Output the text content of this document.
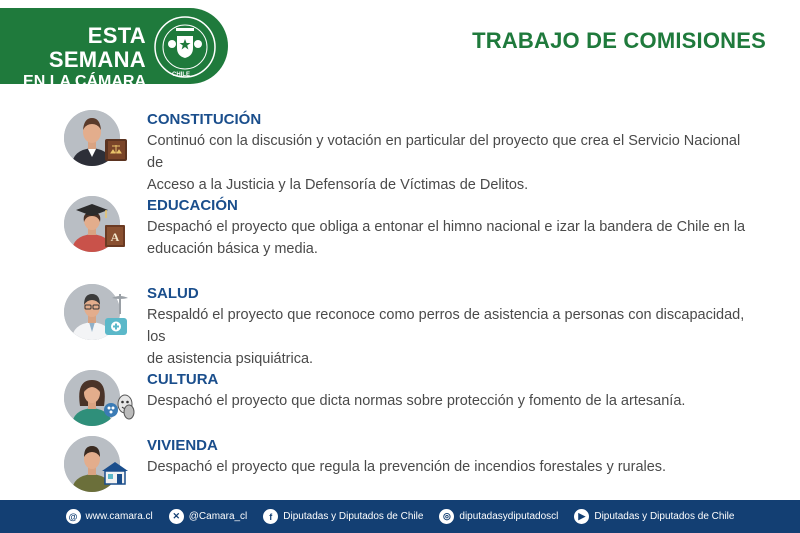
ESTA SEMANA
EN LA CÁMARA	CHILE
TRABAJO DE COMISIONES
CONSTITUCIÓN
Continuó con la discusión y votación en particular del proyecto que crea el Servicio Nacional de
Acceso a la Justicia y la Defensoría de Víctimas de Delitos.
A
EDUCACIÓN
Despachó el proyecto que obliga a entonar el himno nacional e izar la bandera de Chile en la
educación básica y media.
SALUD
Respaldó el proyecto que reconoce como perros de asistencia a personas con discapacidad, los
de asistencia psiquiátrica.
CULTURA
Despachó el proyecto que dicta normas sobre protección y fomento de la artesanía.
VIVIENDA
Despachó el proyecto que regula la prevención de incendios forestales y rurales.
@ www.camara.cl	✕ @Camara_cl	f	Diputadas y Diputados de Chile	◎ diputadasydiputadoscl	▶ Diputadas y Diputados de Chile
